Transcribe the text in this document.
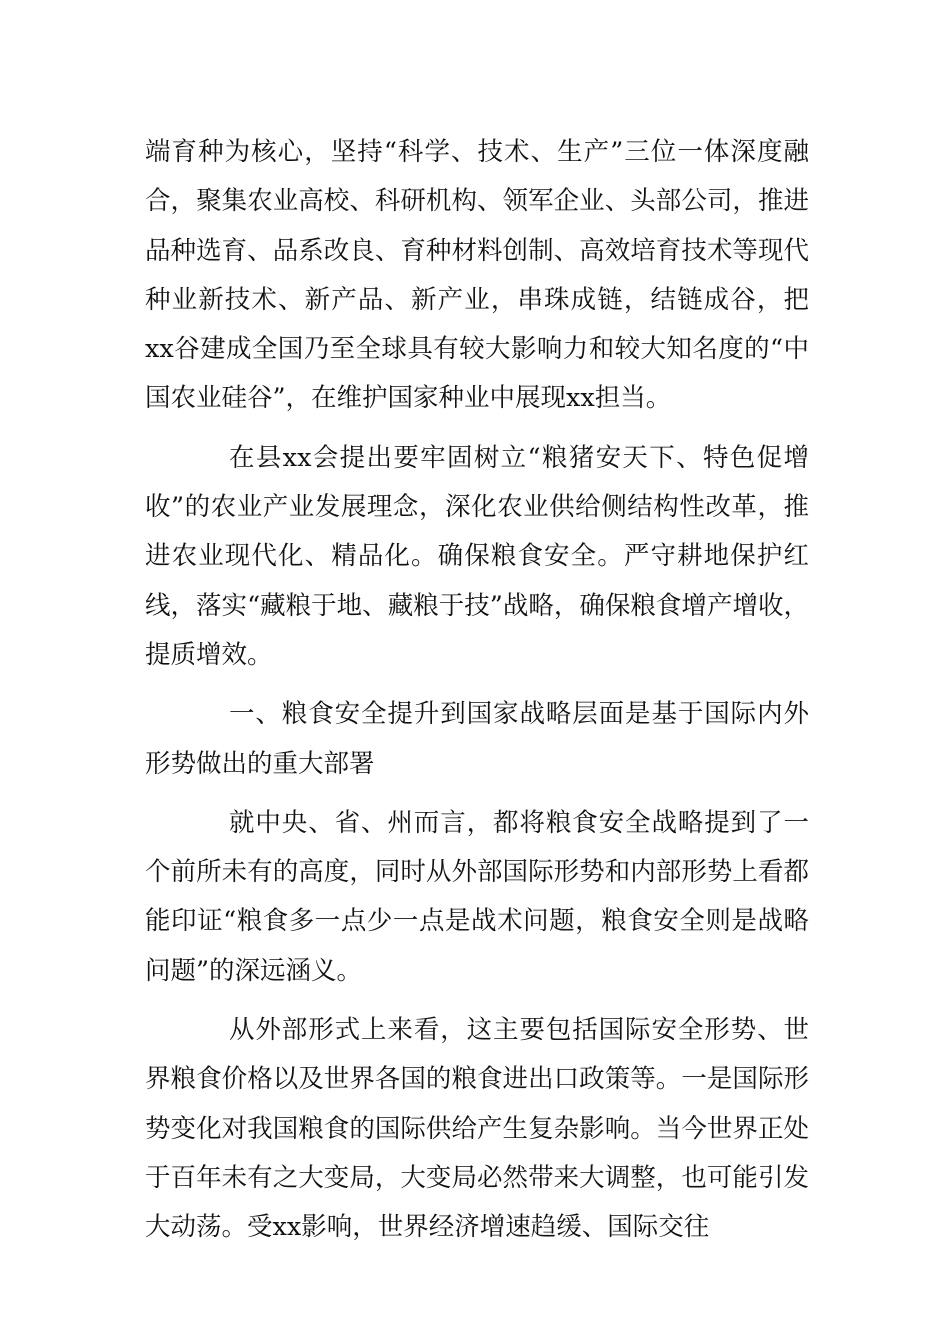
端育种为核心，坚持“科学、技术、生产”三位一体深度融合，聚集农业高校、科研机构、领军企业、头部公司，推进品种选育、品系改良、育种材料创制、高效培育技术等现代种业新技术、新产品、新产业，串珠成链，结链成谷，把xx谷建成全国乃至全球具有较大影响力和较大知名度的“中国农业硅谷”，在维护国家种业中展现xx担当。

在县xx会提出要牢固树立“粮猪安天下、特色促增收”的农业产业发展理念，深化农业供给侧结构性改革，推进农业现代化、精品化。确保粮食安全。严守耕地保护红线，落实“藏粮于地、藏粮于技”战略，确保粮食增产增收，提质增效。

一、粮食安全提升到国家战略层面是基于国际内外形势做出的重大部署

就中央、省、州而言，都将粮食安全战略提到了一个前所未有的高度，同时从外部国际形势和内部形势上看都能印证“粮食多一点少一点是战术问题，粮食安全则是战略问题”的深远涵义。

从外部形式上来看，这主要包括国际安全形势、世界粮食价格以及世界各国的粮食进出口政策等。一是国际形势变化对我国粮食的国际供给产生复杂影响。当今世界正处于百年未有之大变局，大变局必然带来大调整，也可能引发大动荡。受xx影响，世界经济增速趋缓、国际交往
